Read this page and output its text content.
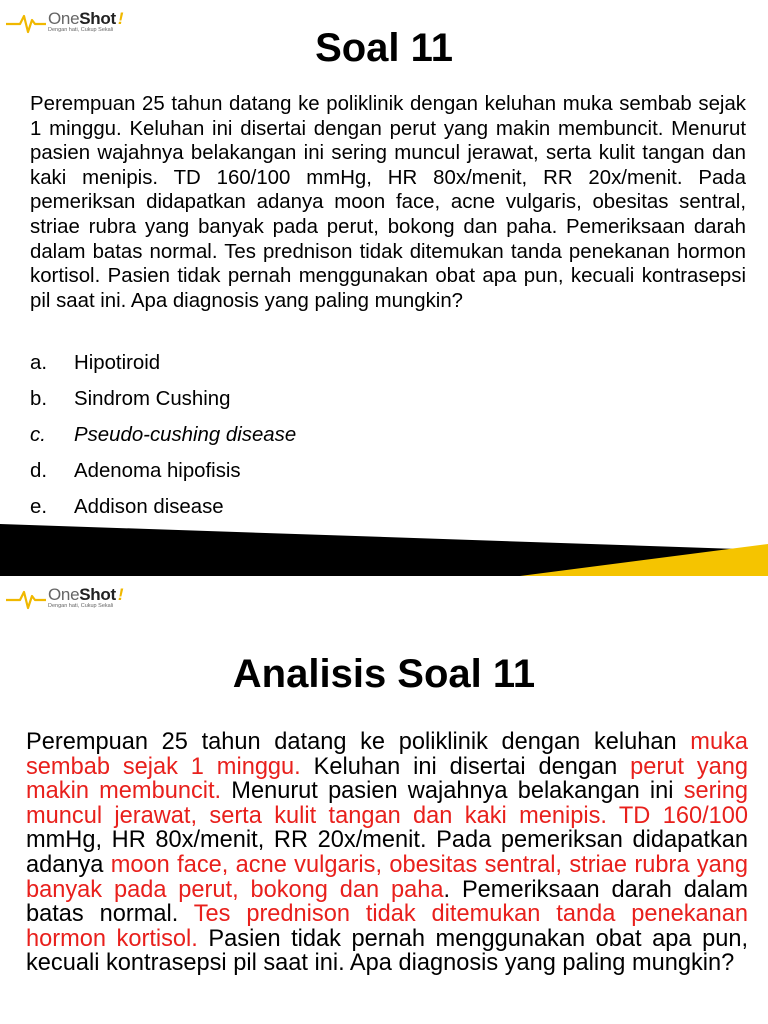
OneShot !
Dengan hati, Cukup Sekali	Soal 11

Perempuan 25 tahun datang ke poliklinik dengan keluhan muka sembab sejak 1 minggu. Keluhan ini disertai dengan perut yang makin membuncit. Menurut pasien wajahnya belakangan ini sering muncul jerawat, serta kulit tangan dan kaki menipis. TD 160/100 mmHg, HR 80x/menit, RR 20x/menit. Pada pemeriksan didapatkan adanya moon face, acne vulgaris, obesitas sentral, striae rubra yang banyak pada perut, bokong dan paha. Pemeriksaan darah dalam batas normal. Tes prednison tidak ditemukan tanda penekanan hormon kortisol. Pasien tidak pernah menggunakan obat apa pun, kecuali kontrasepsi pil saat ini. Apa diagnosis yang paling mungkin?

a.	Hipotiroid
b.	Sindrom Cushing
c.	Pseudo-cushing disease
d.	Adenoma hipofisis
e.	Addison disease
OneShot !
Dengan hati, Cukup Sekali
Analisis Soal 11

Perempuan 25 tahun datang ke poliklinik dengan keluhan muka sembab sejak 1 minggu. Keluhan ini disertai dengan perut yang makin membuncit. Menurut pasien wajahnya belakangan ini sering muncul jerawat, serta kulit tangan dan kaki menipis. TD 160/100 mmHg, HR 80x/menit, RR 20x/menit. Pada pemeriksan didapatkan adanya moon face, acne vulgaris, obesitas sentral, striae rubra yang banyak pada perut, bokong dan paha. Pemeriksaan darah dalam batas normal. Tes prednison tidak ditemukan tanda penekanan hormon kortisol. Pasien tidak pernah menggunakan obat apa pun, kecuali kontrasepsi pil saat ini. Apa diagnosis yang paling mungkin?
